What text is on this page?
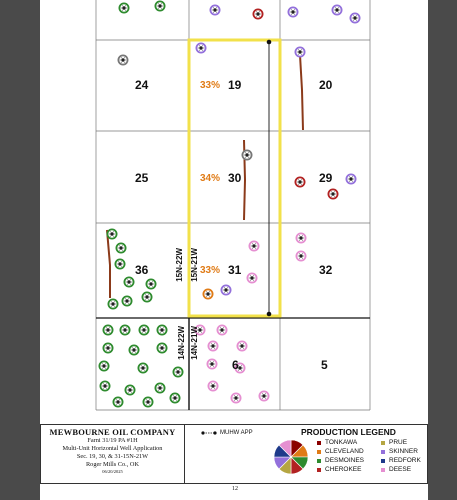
24	19	20
25	30	29
36	31	32
6	5
33%
34%
33%
15N-22W 15N-21W
14N-22W 14N-21W
MEWBOURNE OIL COMPANY
Farni 31/19 PA #1H
Multi-Unit Horizontal Well Application
Sec. 19, 30, & 31-15N-21W
Roger Mills Co., OK
06/20/2025
MUHW APP	PRODUCTION LEGEND
TONKAWA
CLEVELAND
DESMOINES
CHEROKEE
PRUE
SKINNER
REDFORK
DEESE
12
